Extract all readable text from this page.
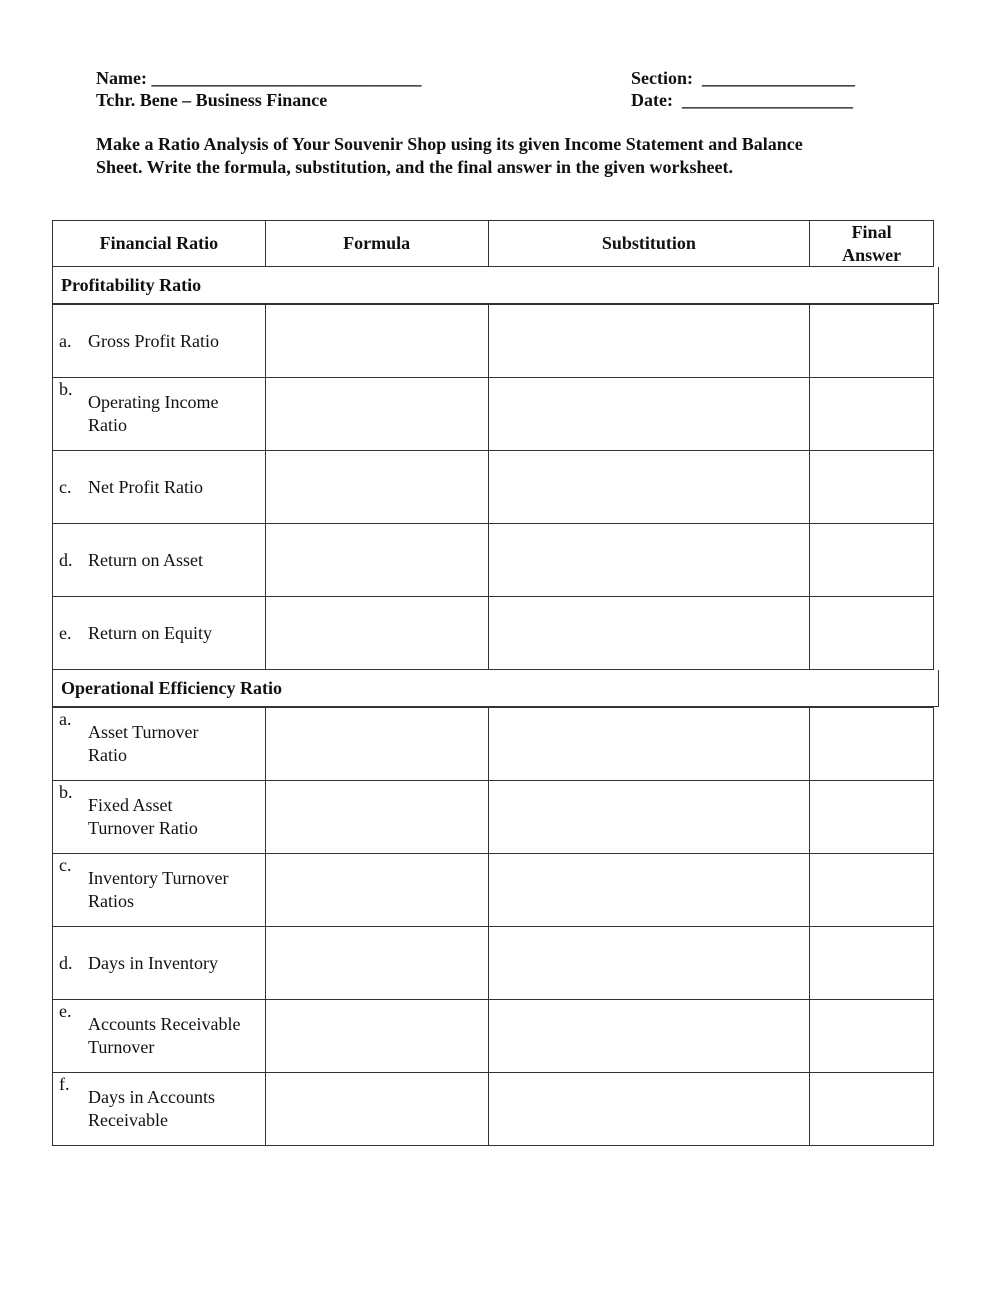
Name: ______________________________
Tchr. Bene – Business Finance
Section: _________________
Date: ___________________
Make a Ratio Analysis of Your Souvenir Shop using its given Income Statement and Balance
Sheet. Write the formula, substitution, and the final answer in the given worksheet.
Financial Ratio	Formula	Substitution
Final
Answer
Profitability Ratio
a. Gross Profit Ratio
b.
Operating Income
Ratio
c. Net Profit Ratio
d. Return on Asset
e. Return on Equity
Operational Efficiency Ratio
a.
Asset Turnover
Ratio
b.
Fixed Asset
Turnover Ratio
c.
Inventory Turnover
Ratios
d. Days in Inventory
e.
Accounts Receivable
Turnover
f.
Days in Accounts
Receivable
